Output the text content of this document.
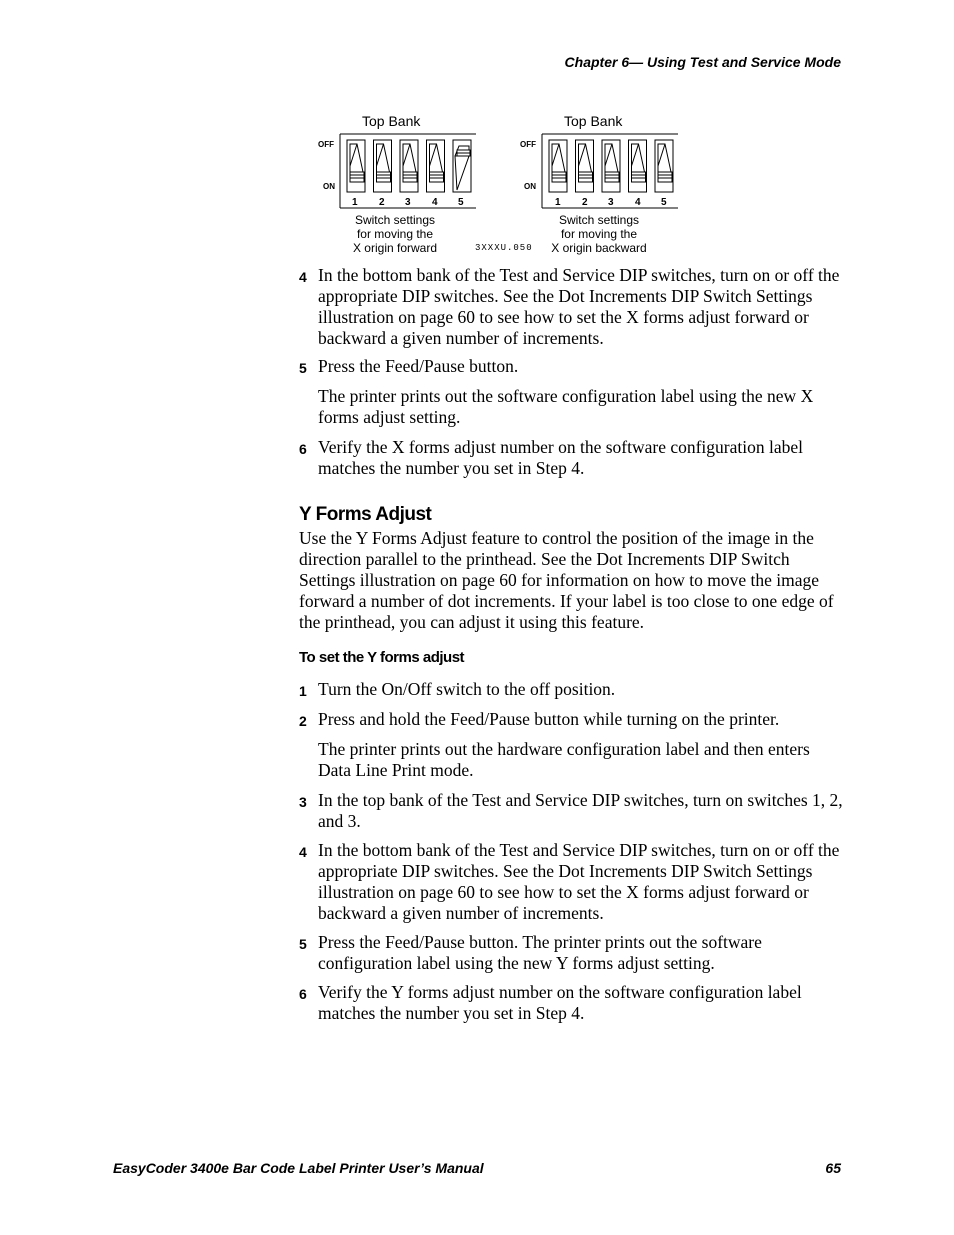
Chapter 6— Using Test and Service Mode
Top Bank	Top Bank
OFF
ON
OFF
ON
1 2 3 4 5	1 2 3 4 5
Switch settings
for moving the
X origin forward
Switch settings
for moving the
X origin backward
3XXXU.050
4 In the bottom bank of the Test and Service DIP switches, turn on or off the appropriate DIP switches. See the Dot Increments DIP Switch Settings illustration on page 60 to see how to set the X forms adjust forward or backward a given number of increments.
5 Press the Feed/Pause button.
The printer prints out the software configuration label using the new X forms adjust setting.
6 Verify the X forms adjust number on the software configuration label matches the number you set in Step 4.
Y Forms Adjust
Use the Y Forms Adjust feature to control the position of the image in the direction parallel to the printhead. See the Dot Increments DIP Switch Settings illustration on page 60 for information on how to move the image forward a number of dot increments. If your label is too close to one edge of the printhead, you can adjust it using this feature.
To set the Y forms adjust
1 Turn the On/Off switch to the off position.
2 Press and hold the Feed/Pause button while turning on the printer.
The printer prints out the hardware configuration label and then enters Data Line Print mode.
3 In the top bank of the Test and Service DIP switches, turn on switches 1, 2, and 3.
4 In the bottom bank of the Test and Service DIP switches, turn on or off the appropriate DIP switches. See the Dot Increments DIP Switch Settings illustration on page 60 to see how to set the X forms adjust forward or backward a given number of increments.
5 Press the Feed/Pause button. The printer prints out the software configuration label using the new Y forms adjust setting.
6 Verify the Y forms adjust number on the software configuration label matches the number you set in Step 4.
EasyCoder 3400e Bar Code Label Printer User’s Manual	65
